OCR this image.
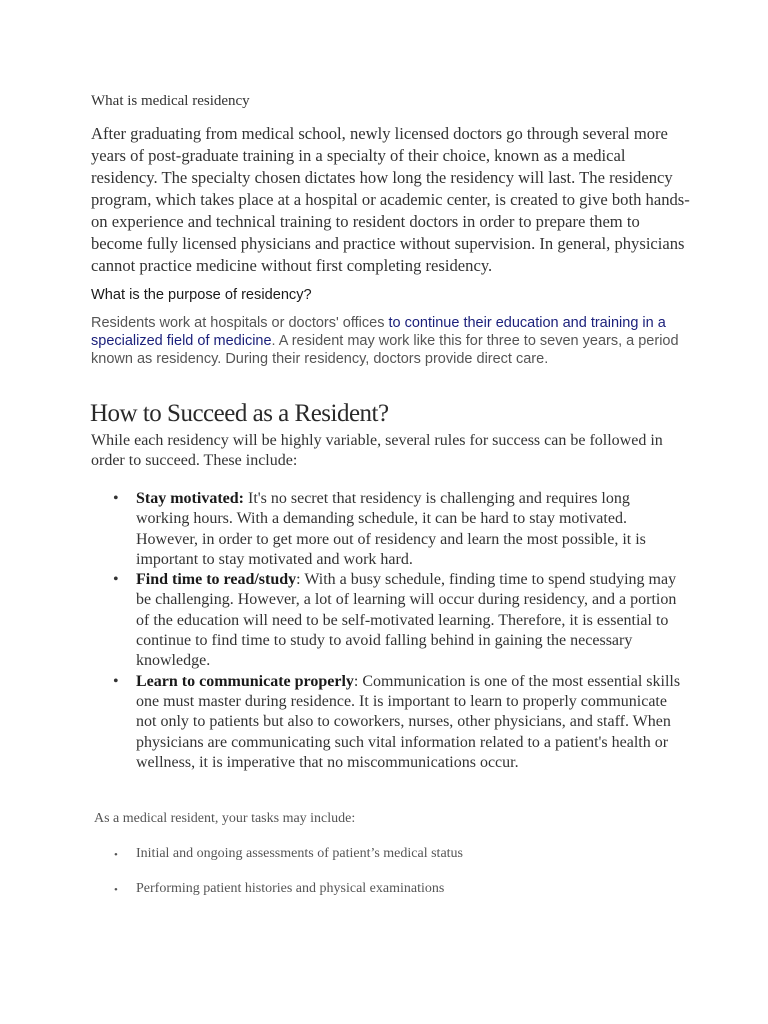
What is medical residency

After graduating from medical school, newly licensed doctors go through several more years of post-graduate training in a specialty of their choice, known as a medical residency. The specialty chosen dictates how long the residency will last. The residency program, which takes place at a hospital or academic center, is created to give both hands-on experience and technical training to resident doctors in order to prepare them to become fully licensed physicians and practice without supervision. In general, physicians cannot practice medicine without first completing residency.

What is the purpose of residency?

Residents work at hospitals or doctors' offices to continue their education and training in a specialized field of medicine. A resident may work like this for three to seven years, a period known as residency. During their residency, doctors provide direct care.

How to Succeed as a Resident?

While each residency will be highly variable, several rules for success can be followed in order to succeed. These include:

• Stay motivated: It's no secret that residency is challenging and requires long working hours. With a demanding schedule, it can be hard to stay motivated. However, in order to get more out of residency and learn the most possible, it is important to stay motivated and work hard.
• Find time to read/study: With a busy schedule, finding time to spend studying may be challenging. However, a lot of learning will occur during residency, and a portion of the education will need to be self-motivated learning. Therefore, it is essential to continue to find time to study to avoid falling behind in gaining the necessary knowledge.
• Learn to communicate properly: Communication is one of the most essential skills one must master during residence. It is important to learn to properly communicate not only to patients but also to coworkers, nurses, other physicians, and staff. When physicians are communicating such vital information related to a patient's health or wellness, it is imperative that no miscommunications occur.

As a medical resident, your tasks may include:

• Initial and ongoing assessments of patient’s medical status
• Performing patient histories and physical examinations
